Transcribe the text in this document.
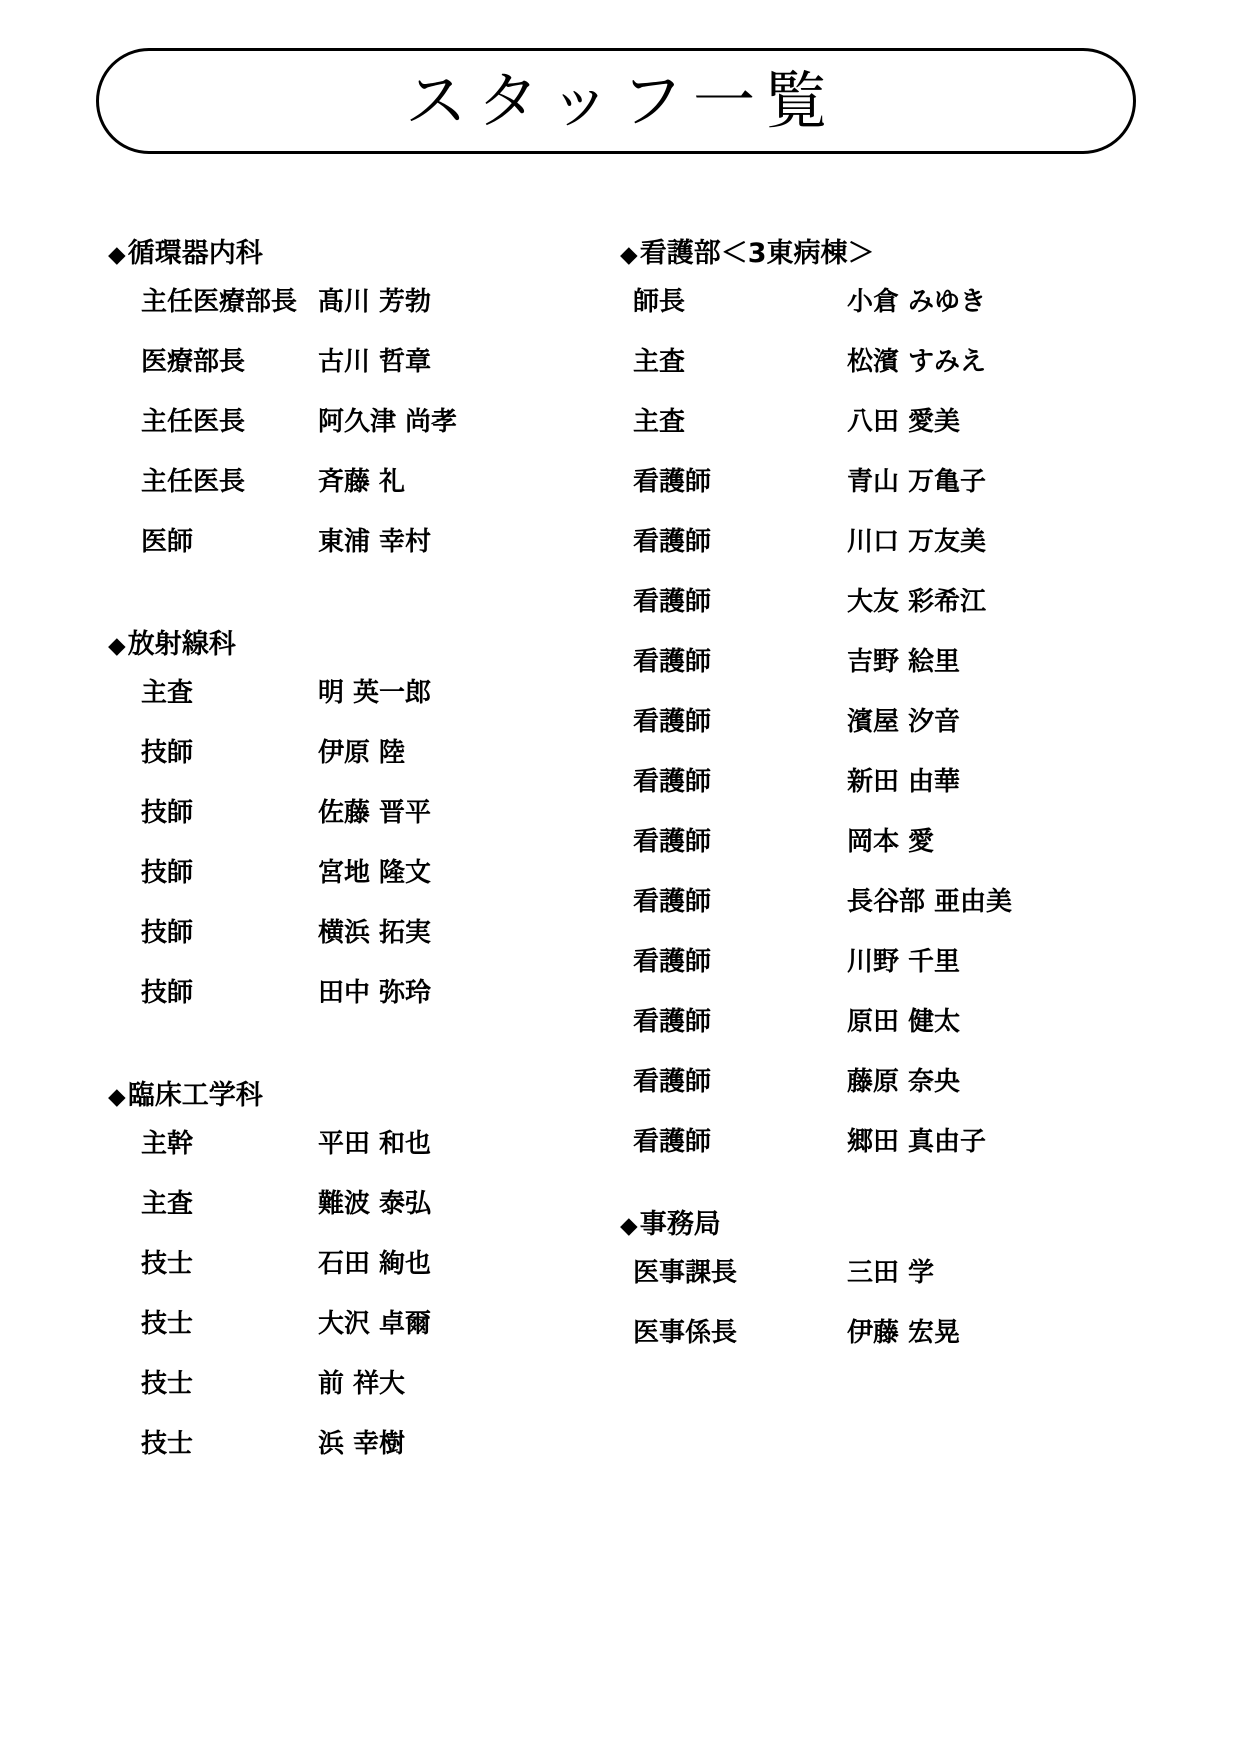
スタッフ一覧
◆ 循環器内科
主任医療部長 髙川 芳勃
医療部長	古川 哲章
主任医長	阿久津 尚孝
主任医長	斉藤 礼
医師	東浦 幸村
◆ 放射線科
主査	明 英一郎
技師	伊原 陸
技師	佐藤 晋平
技師	宮地 隆文
技師	横浜 拓実
技師	田中 弥玲
◆ 臨床工学科
主幹	平田 和也
主査	難波 泰弘
技士	石田 絢也
技士	大沢 卓爾
技士	前 祥大
技士	浜 幸樹
◆ 看護部＜3東病棟＞
師長	小倉 みゆき
主査	松濱 すみえ
主査	八田 愛美
看護師	青山 万亀子
看護師	川口 万友美
看護師	大友 彩希江
看護師	吉野 絵里
看護師	濱屋 汐音
看護師	新田 由華
看護師	岡本 愛
看護師	長谷部 亜由美
看護師	川野 千里
看護師	原田 健太
看護師	藤原 奈央
看護師	郷田 真由子
◆ 事務局
医事課長	三田 学
医事係長	伊藤 宏晃
